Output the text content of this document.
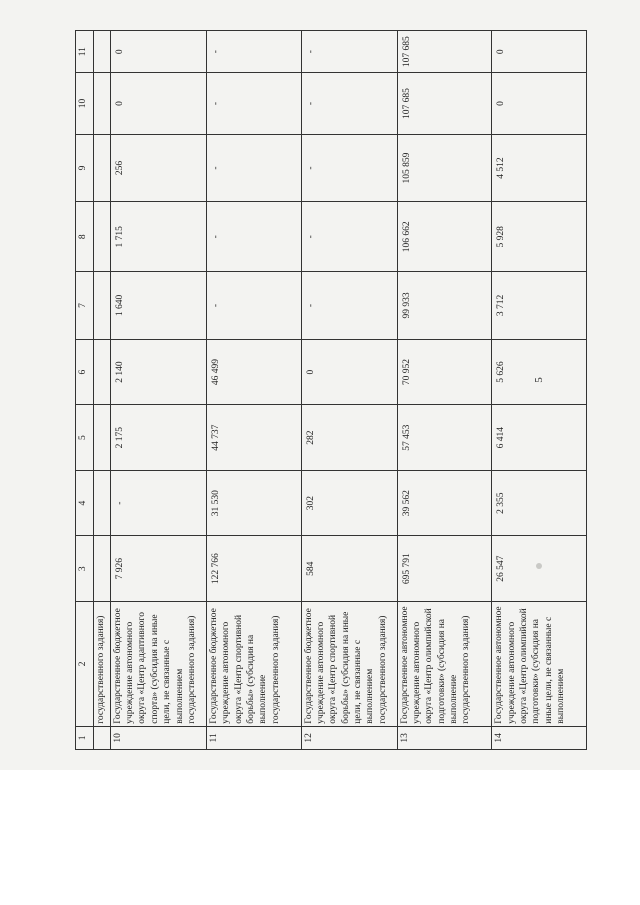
5
1	2	3	4	5	6	7	8	9	10	11
	государственного задания)									
10	Государственное бюджетное учреждение автономного округа «Центр адаптивного спорта» (субсидия на иные цели, не связанные с выполнением государственного задания)	7 926	-	2 175	2 140	1 640	1 715	256	0	0
11	Государственное бюджетное учреждение автономного округа «Центр спортивной борьбы» (субсидия на выполнение государственного задания)	122 766	31 530	44 737	46 499	-	-	-	-	-
12	Государственное бюджетное учреждение автономного округа «Центр спортивной борьбы» (субсидия на иные цели, не связанные с выполнением государственного задания)	584	302	282	0	-	-	-	-	-
13	Государственное автономное учреждение автономного округа «Центр олимпийской подготовки» (субсидия на выполнение государственного задания)	695 791	39 562	57 453	70 952	99 933	106 662	105 859	107 685	107 685
14	Государственное автономное учреждение автономного округа «Центр олимпийской подготовки» (субсидия на иные цели, не связанные с выполнением	26 547	2 355	6 414	5 626	3 712	5 928	4 512	0	0
